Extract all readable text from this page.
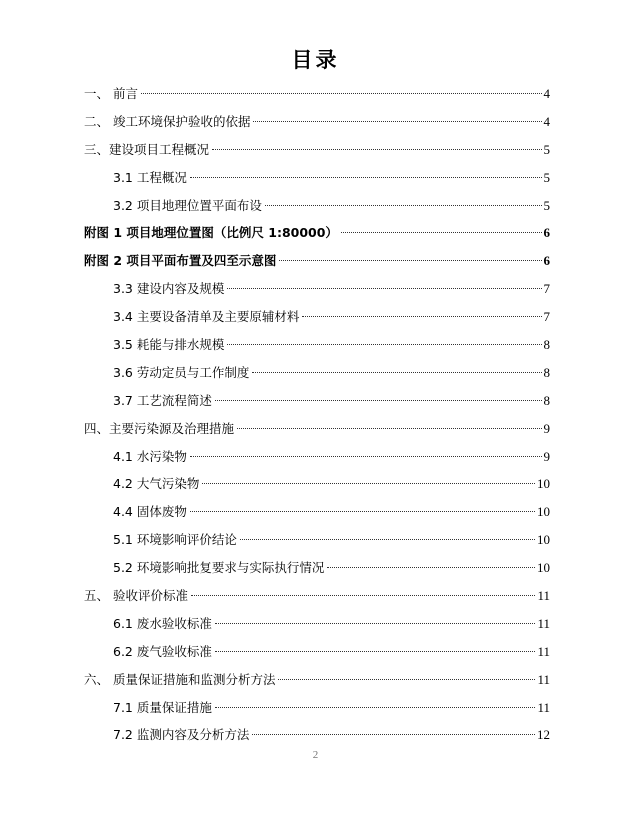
目录
一、 前言	4
二、 竣工环境保护验收的依据	4
三、建设项目工程概况	5
3.1 工程概况	5
3.2 项目地理位置平面布设	5
附图 1 项目地理位置图（比例尺 1:80000）	6
附图 2 项目平面布置及四至示意图	6
3.3 建设内容及规模	7
3.4 主要设备清单及主要原辅材料	7
3.5 耗能与排水规模	8
3.6 劳动定员与工作制度	8
3.7 工艺流程简述	8
四、主要污染源及治理措施	9
4.1 水污染物	9
4.2 大气污染物	10
4.4 固体废物	10
5.1 环境影响评价结论	10
5.2 环境影响批复要求与实际执行情况	10
五、 验收评价标准	11
6.1 废水验收标准	11
6.2 废气验收标准	11
六、 质量保证措施和监测分析方法	11
7.1 质量保证措施	11
7.2 监测内容及分析方法	12
2
